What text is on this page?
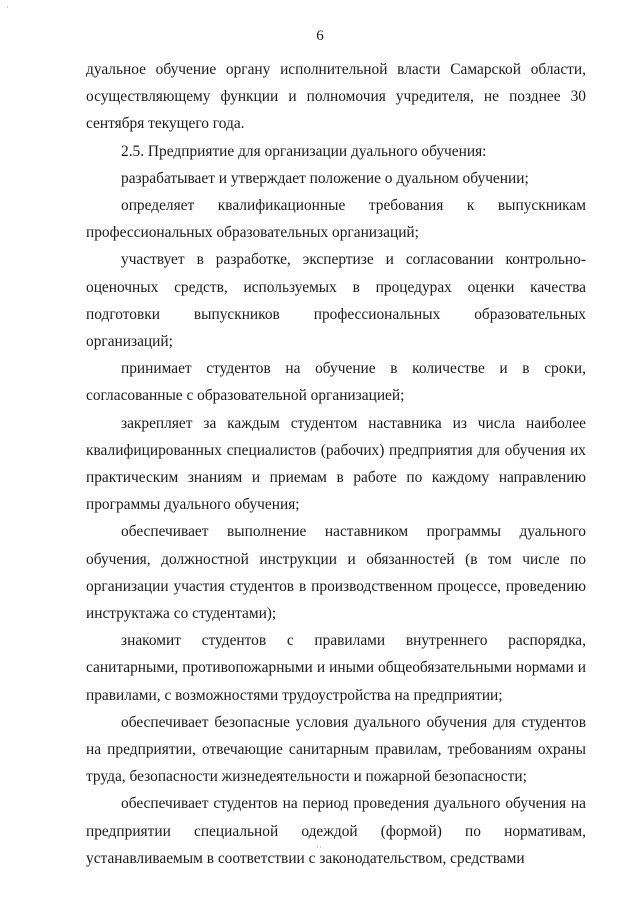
6

дуальное обучение органу исполнительной власти Самарской области, осуществляющему функции и полномочия учредителя, не позднее 30 сентября текущего года.

2.5. Предприятие для организации дуального обучения:

разрабатывает и утверждает положение о дуальном обучении;

определяет квалификационные требования к выпускникам профессиональных образовательных организаций;

участвует в разработке, экспертизе и согласовании контрольно-оценочных средств, используемых в процедурах оценки качества подготовки выпускников профессиональных образовательных организаций;

принимает студентов на обучение в количестве и в сроки, согласованные с образовательной организацией;

закрепляет за каждым студентом наставника из числа наиболее квалифицированных специалистов (рабочих) предприятия для обучения их практическим знаниям и приемам в работе по каждому направлению программы дуального обучения;

обеспечивает выполнение наставником программы дуального обучения, должностной инструкции и обязанностей (в том числе по организации участия студентов в производственном процессе, проведению инструктажа со студентами);

знакомит студентов с правилами внутреннего распорядка, санитарными, противопожарными и иными общеобязательными нормами и правилами, с возможностями трудоустройства на предприятии;

обеспечивает безопасные условия дуального обучения для студентов на предприятии, отвечающие санитарным правилам, требованиям охраны труда, безопасности жизнедеятельности и пожарной безопасности;

обеспечивает студентов на период проведения дуального обучения на предприятии специальной одеждой (формой) по нормативам, устанавливаемым в соответствии с законодательством, средствами

·
··
